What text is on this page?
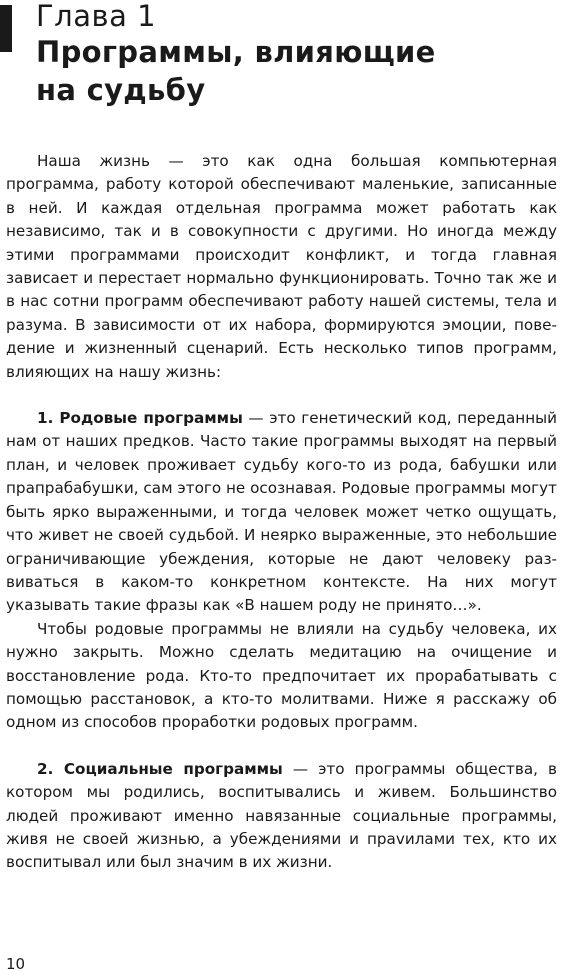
Глава 1
Программы, влияющие
на судьбу

Наша жизнь — это как одна большая компьютерная программа, работу которой обеспечивают маленькие, записанные в ней. И каждая отдельная программа может работать как независимо, так и в совокупности с другими. Но иногда между этими программами происходит конфликт, и тогда главная зависает и перестает нормально функционировать. Точно так же и в нас сотни программ обеспечивают работу нашей системы, тела и разума. В зависимости от их набора, формируются эмоции, поведение и жизненный сценарий. Есть несколько типов программ, влияющих на нашу жизнь:

1. Родовые программы — это генетический код, переданный нам от наших предков. Часто такие программы выходят на первый план, и человек проживает судьбу кого-то из рода, бабушки или прапрабабушки, сам этого не осознавая. Родовые программы могут быть ярко выраженными, и тогда человек может четко ощущать, что живет не своей судьбой. И неярко выраженные, это небольшие ограничивающие убеждения, которые не дают человеку развиваться в каком-то конкретном контексте. На них могут указывать такие фразы как «В нашем роду не принято…».

Чтобы родовые программы не влияли на судьбу человека, их нужно закрыть. Можно сделать медитацию на очищение и восстановление рода. Кто-то предпочитает их прорабатывать с помощью расстановок, а кто-то молитвами. Ниже я расскажу об одном из способов проработки родовых программ.

2. Социальные программы — это программы общества, в котором мы родились, воспитывались и живем. Большинство людей проживают именно навязанные социальные программы, живя не своей жизнью, а убеждениями и праvилами тех, кто их воспитывал или был значим в их жизни.

10
